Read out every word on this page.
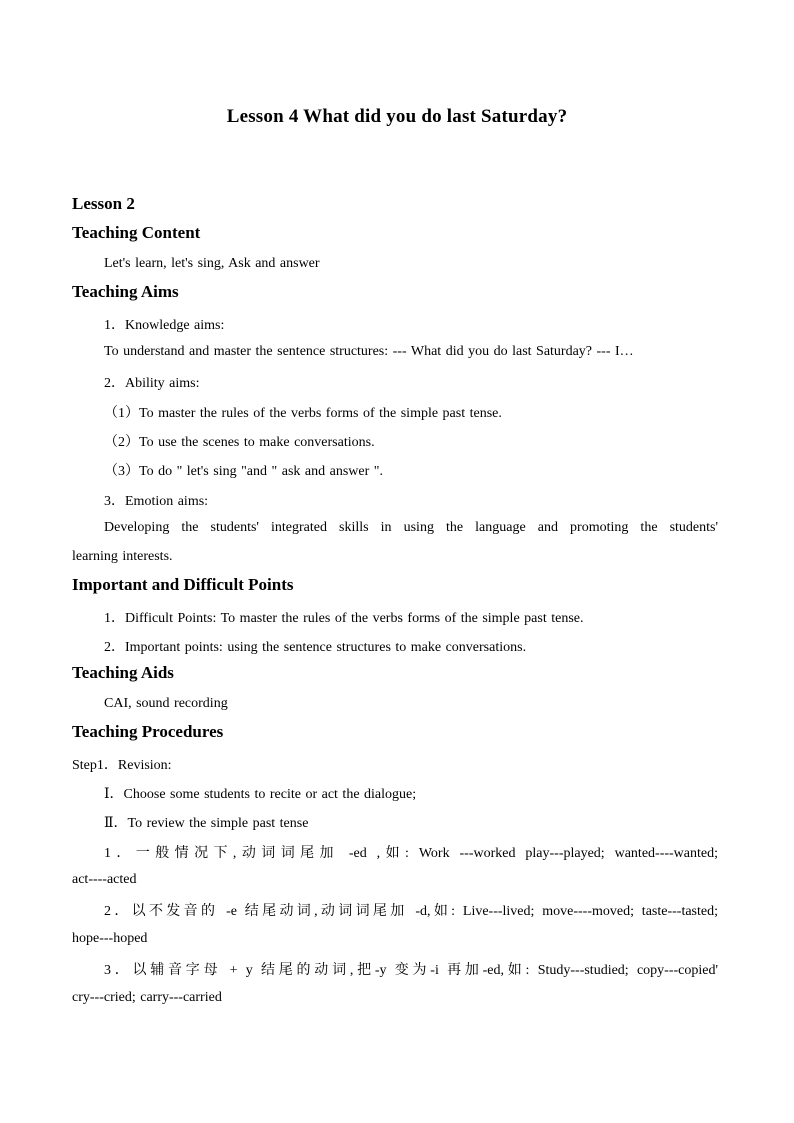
Lesson 4 What did you do last Saturday?
Lesson 2
Teaching Content
Let's learn, let's sing, Ask and answer
Teaching Aims
1．Knowledge aims:
To understand and master the sentence structures: --- What did you do last Saturday? --- I…
2．Ability aims:
（1）To master the rules of the verbs forms of the simple past tense.
（2）To use the scenes to make conversations.
（3）To do " let's sing "and " ask and answer ".
3．Emotion aims:
Developing the students' integrated skills in using the language and promoting the students'
learning interests.
Important and Difficult Points
1．Difficult Points: To master the rules of the verbs forms of the simple past tense.
2．Important points: using the sentence structures to make conversations.
Teaching Aids
CAI, sound recording
Teaching Procedures
Step1．Revision:
Ⅰ．Choose some students to recite or act the dialogue;
Ⅱ．To review the simple past tense
1．一般情况下,动词词尾加 -ed ,如: Work ---worked play---played; wanted----wanted;
act----acted
2．以不发音的 -e 结尾动词,动词词尾加 -d,如: Live---lived; move----moved; taste---tasted;
hope---hoped
3．以辅音字母 + y 结尾的动词,把-y 变为-i 再加-ed,如: Study---studied; copy---copied'
cry---cried; carry---carried
